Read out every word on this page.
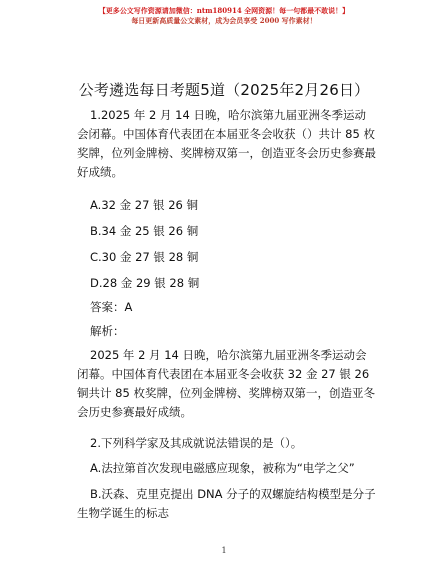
【更多公文写作资源请加微信：ntm180914 全网资源！每一句都最不敢说！】
每日更新高质量公文素材，成为会员享受 2000 写作素材！
公考遴选每日考题5道（2025年2月26日）
1.2025 年 2 月 14 日晚，哈尔滨第九届亚洲冬季运动会闭幕。中国体育代表团在本届亚冬会收获（）共计 85 枚奖牌，位列金牌榜、奖牌榜双第一，创造亚冬会历史参赛最好成绩。
A.32 金 27 银 26 铜
B.34 金 25 银 26 铜
C.30 金 27 银 28 铜
D.28 金 29 银 28 铜
答案：A
解析：
2025 年 2 月 14 日晚，哈尔滨第九届亚洲冬季运动会闭幕。中国体育代表团在本届亚冬会收获 32 金 27 银 26 铜共计 85 枚奖牌，位列金牌榜、奖牌榜双第一，创造亚冬会历史参赛最好成绩。
2.下列科学家及其成就说法错误的是（）。
A.法拉第首次发现电磁感应现象，被称为“电学之父”
B.沃森、克里克提出 DNA 分子的双螺旋结构模型是分子生物学诞生的标志
1
